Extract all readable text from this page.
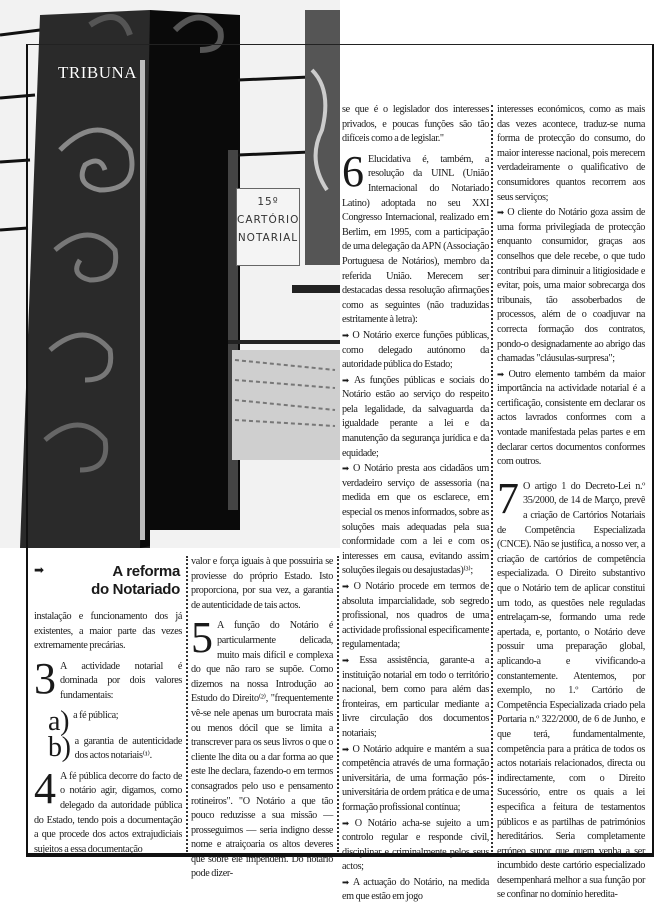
TRIBUNA
15º
CARTÓRIO
NOTARIAL
➡	A reforma
do Notariado

instalação e funcionamento dos já existentes, a maior parte das vezes extremamente precárias.

3 A actividade notarial é dominada por dois valores fundamentais:

a) a fé pública;

b) a garantia de autenticidade dos actos notariais⁽¹⁾.

4 A fé pública decorre do facto de o notário agir, digamos, como delegado da autoridade pública do Estado, tendo pois a documentação a que procede dos actos extrajudiciais sujeitos a essa documentação

valor e força iguais à que possuiria se proviesse do próprio Estado. Isto proporciona, por sua vez, a garantia de autenticidade de tais actos.

5 A função do Notário é particularmente delicada, muito mais difícil e complexa do que não raro se supõe. Como dizemos na nossa Introdução ao Estudo do Direito⁽²⁾, "frequentemente vê-se nele apenas um burocrata mais ou menos dócil que se limita a transcrever para os seus livros o que o cliente lhe dita ou a dar forma ao que este lhe declara, fazendo-o em termos consagrados pelo uso e pensamento rotineiros". "O Notário a que tão pouco reduzisse a sua missão — prosseguimos — seria indigno desse nome e atraiçoaria os altos deveres que sobre ele impendem. Do notário pode dizer-

se que é o legislador dos interesses privados, e poucas funções são tão difíceis como a de legislar."

6 Elucidativa é, também, a resolução da UINL (União Internacional do Notariado Latino) adoptada no seu XXI Congresso Internacional, realizado em Berlim, em 1995, com a participação de uma delegação da APN (Associação Portuguesa de Notários), membro da referida União. Merecem ser destacadas dessa resolução afirmações como as seguintes (não traduzidas estritamente à letra):

➡ O Notário exerce funções públicas, como delegado autónomo da autoridade pública do Estado;

➡ As funções públicas e sociais do Notário estão ao serviço do respeito pela legalidade, da salvaguarda da igualdade perante a lei e da manutenção da segurança jurídica e da equidade;

➡ O Notário presta aos cidadãos um verdadeiro serviço de assessoria (na medida em que os esclarece, em especial os menos informados, sobre as soluções mais adequadas pela sua conformidade com a lei e com os interesses em causa, evitando assim soluções ilegais ou desajustadas)⁽³⁾;

➡ O Notário procede em termos de absoluta imparcialidade, sob segredo profissional, nos quadros de uma actividade profissional especificamente regulamentada;

➡ Essa assistência, garante-a a instituição notarial em todo o território nacional, bem como para além das fronteiras, em particular mediante a livre circulação dos documentos notariais;

➡ O Notário adquire e mantém a sua competência através de uma formação universitária, de uma formação pós-universitária de ordem prática e de uma formação profissional contínua;

➡ O Notário acha-se sujeito a um controlo regular e responde civil, disciplinar e criminalmente pelos seus actos;

➡ A actuação do Notário, na medida em que estão em jogo

interesses económicos, como as mais das vezes acontece, traduz-se numa forma de protecção do consumo, do maior interesse nacional, pois merecem verdadeiramente o qualificativo de consumidores quantos recorrem aos seus serviços;

➡ O cliente do Notário goza assim de uma forma privilegiada de protecção enquanto consumidor, graças aos conselhos que dele recebe, o que tudo contribui para diminuir a litigiosidade e evitar, pois, uma maior sobrecarga dos tribunais, tão assoberbados de processos, além de o coadjuvar na correcta formação dos contratos, pondo-o designadamente ao abrigo das chamadas "cláusulas-surpresa";

➡ Outro elemento também da maior importância na actividade notarial é a certificação, consistente em declarar os actos lavrados conformes com a vontade manifestada pelas partes e em declarar certos documentos conformes com outros.

7 O artigo 1 do Decreto-Lei n.º 35/2000, de 14 de Março, prevê a criação de Cartórios Notariais de Competência Especializada (CNCE). Não se justifica, a nosso ver, a criação de cartórios de competência especializada. O Direito substantivo que o Notário tem de aplicar constitui um todo, as questões nele reguladas entrelaçam-se, formando uma rede apertada, e, portanto, o Notário deve possuir uma preparação global, aplicando-a e vivificando-a constantemente. Atentemos, por exemplo, no 1.º Cartório de Competência Especializada criado pela Portaria n.º 322/2000, de 6 de Junho, e que terá, fundamentalmente, competência para a prática de todos os actos notariais relacionados, directa ou indirectamente, com o Direito Sucessório, entre os quais a lei especifica a feitura de testamentos públicos e as partilhas de patrimónios hereditários. Seria completamente erróneo supor que quem venha a ser incumbido deste cartório especializado desempenhará melhor a sua função por se confinar no domínio heredita-
